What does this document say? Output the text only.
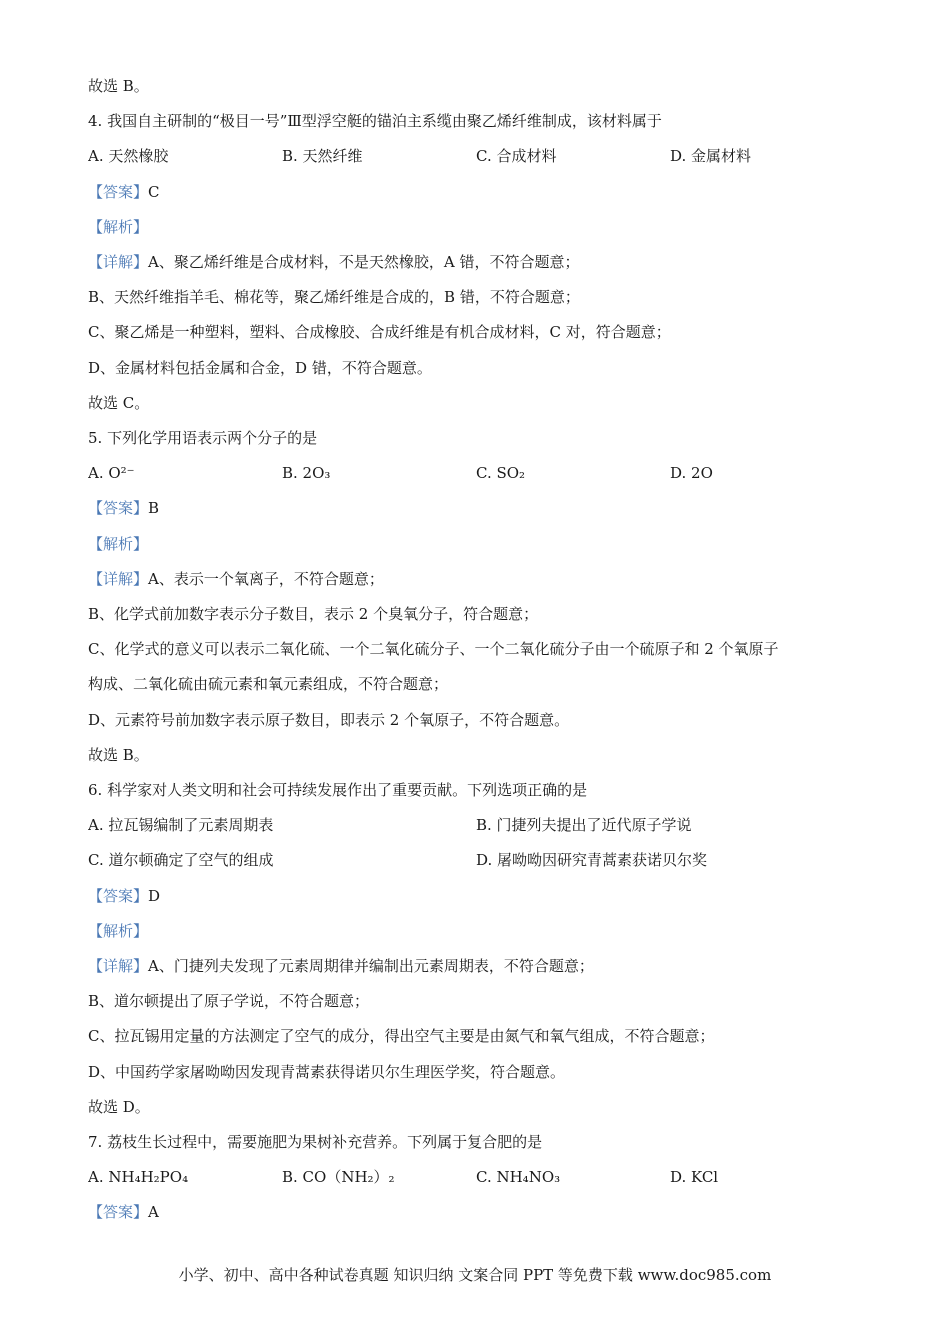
故选 B。
4. 我国自主研制的“极目一号”Ⅲ型浮空艇的锚泊主系缆由聚乙烯纤维制成，该材料属于
A. 天然橡胶	B. 天然纤维	C. 合成材料	D. 金属材料
【答案】C
【解析】
【详解】A、聚乙烯纤维是合成材料，不是天然橡胶，A 错，不符合题意；
B、天然纤维指羊毛、棉花等，聚乙烯纤维是合成的，B 错，不符合题意；
C、聚乙烯是一种塑料，塑料、合成橡胶、合成纤维是有机合成材料，C 对，符合题意；
D、金属材料包括金属和合金，D 错，不符合题意。
故选 C。
5. 下列化学用语表示两个分子的是
A. O²⁻	B. 2O₃	C. SO₂	D. 2O
【答案】B
【解析】
【详解】A、表示一个氧离子，不符合题意；
B、化学式前加数字表示分子数目，表示 2 个臭氧分子，符合题意；
C、化学式的意义可以表示二氧化硫、一个二氧化硫分子、一个二氧化硫分子由一个硫原子和 2 个氧原子
构成、二氧化硫由硫元素和氧元素组成，不符合题意；
D、元素符号前加数字表示原子数目，即表示 2 个氧原子，不符合题意。
故选 B。
6. 科学家对人类文明和社会可持续发展作出了重要贡献。下列选项正确的是
A. 拉瓦锡编制了元素周期表	B. 门捷列夫提出了近代原子学说
C. 道尔顿确定了空气的组成	D. 屠呦呦因研究青蒿素获诺贝尔奖
【答案】D
【解析】
【详解】A、门捷列夫发现了元素周期律并编制出元素周期表，不符合题意；
B、道尔顿提出了原子学说，不符合题意；
C、拉瓦锡用定量的方法测定了空气的成分，得出空气主要是由氮气和氧气组成，不符合题意；
D、中国药学家屠呦呦因发现青蒿素获得诺贝尔生理医学奖，符合题意。
故选 D。
7. 荔枝生长过程中，需要施肥为果树补充营养。下列属于复合肥的是
A. NH₄H₂PO₄	B. CO（NH₂）₂	C. NH₄NO₃	D. KCl
【答案】A
小学、初中、高中各种试卷真题 知识归纳 文案合同 PPT 等免费下载 www.doc985.com
